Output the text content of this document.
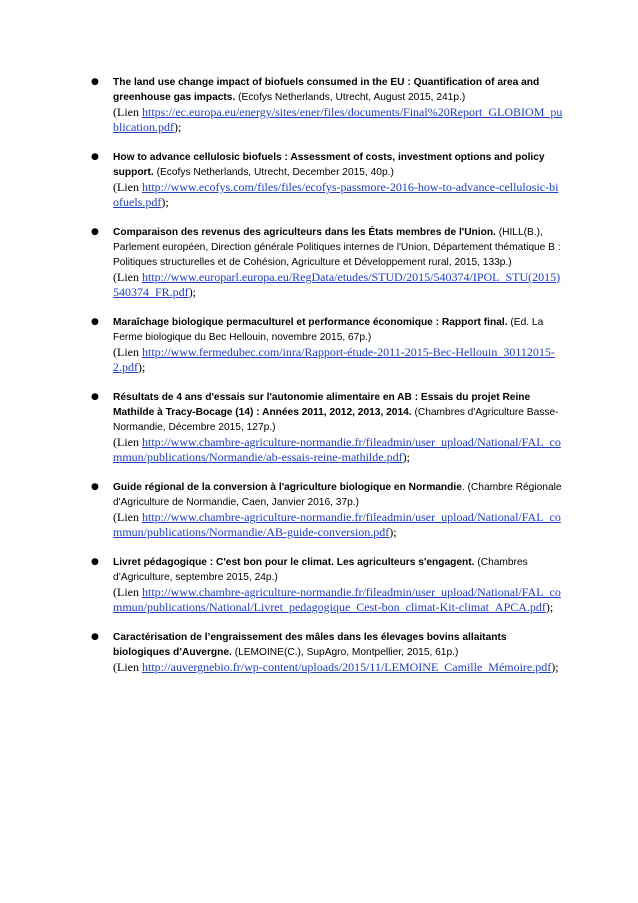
● The land use change impact of biofuels consumed in the EU : Quantification of area and greenhouse gas impacts. (Ecofys Netherlands, Utrecht, August 2015, 241p.)
(Lien https://ec.europa.eu/energy/sites/ener/files/documents/Final%20Report_GLOBIOM_publication.pdf);
● How to advance cellulosic biofuels : Assessment of costs, investment options and policy support. (Ecofys Netherlands, Utrecht, December 2015, 40p.)
(Lien http://www.ecofys.com/files/files/ecofys-passmore-2016-how-to-advance-cellulosic-biofuels.pdf);
● Comparaison des revenus des agriculteurs dans les États membres de l'Union. (HILL(B.), Parlement européen, Direction générale Politiques internes de l'Union, Département thématique B : Politiques structurelles et de Cohésion, Agriculture et Développement rural, 2015, 133p.)
(Lien http://www.europarl.europa.eu/RegData/etudes/STUD/2015/540374/IPOL_STU(2015)540374_FR.pdf);
● Maraîchage biologique permaculturel et performance économique : Rapport final. (Ed. La Ferme biologique du Bec Hellouin, novembre 2015, 67p.)
(Lien http://www.fermedubec.com/inra/Rapport-étude-2011-2015-Bec-Hellouin_30112015-2.pdf);
● Résultats de 4 ans d'essais sur l'autonomie alimentaire en AB : Essais du projet Reine Mathilde à Tracy-Bocage (14) : Années 2011, 2012, 2013, 2014. (Chambres d'Agriculture Basse-Normandie, Décembre 2015, 127p.)
(Lien http://www.chambre-agriculture-normandie.fr/fileadmin/user_upload/National/FAL_commun/publications/Normandie/ab-essais-reine-mathilde.pdf);
● Guide régional de la conversion à l'agriculture biologique en Normandie. (Chambre Régionale d'Agriculture de Normandie, Caen, Janvier 2016, 37p.)
(Lien http://www.chambre-agriculture-normandie.fr/fileadmin/user_upload/National/FAL_commun/publications/Normandie/AB-guide-conversion.pdf);
● Livret pédagogique : C'est bon pour le climat. Les agriculteurs s'engagent. (Chambres d’Agriculture, septembre 2015, 24p.)
(Lien http://www.chambre-agriculture-normandie.fr/fileadmin/user_upload/National/FAL_commun/publications/National/Livret_pedagogique_Cest-bon_climat-Kit-climat_APCA.pdf);
● Caractérisation de l’engraissement des mâles dans les élevages bovins allaitants biologiques d’Auvergne. (LEMOINE(C.), SupAgro, Montpellier, 2015, 61p.)
(Lien http://auvergnebio.fr/wp-content/uploads/2015/11/LEMOINE_Camille_Mémoire.pdf);
